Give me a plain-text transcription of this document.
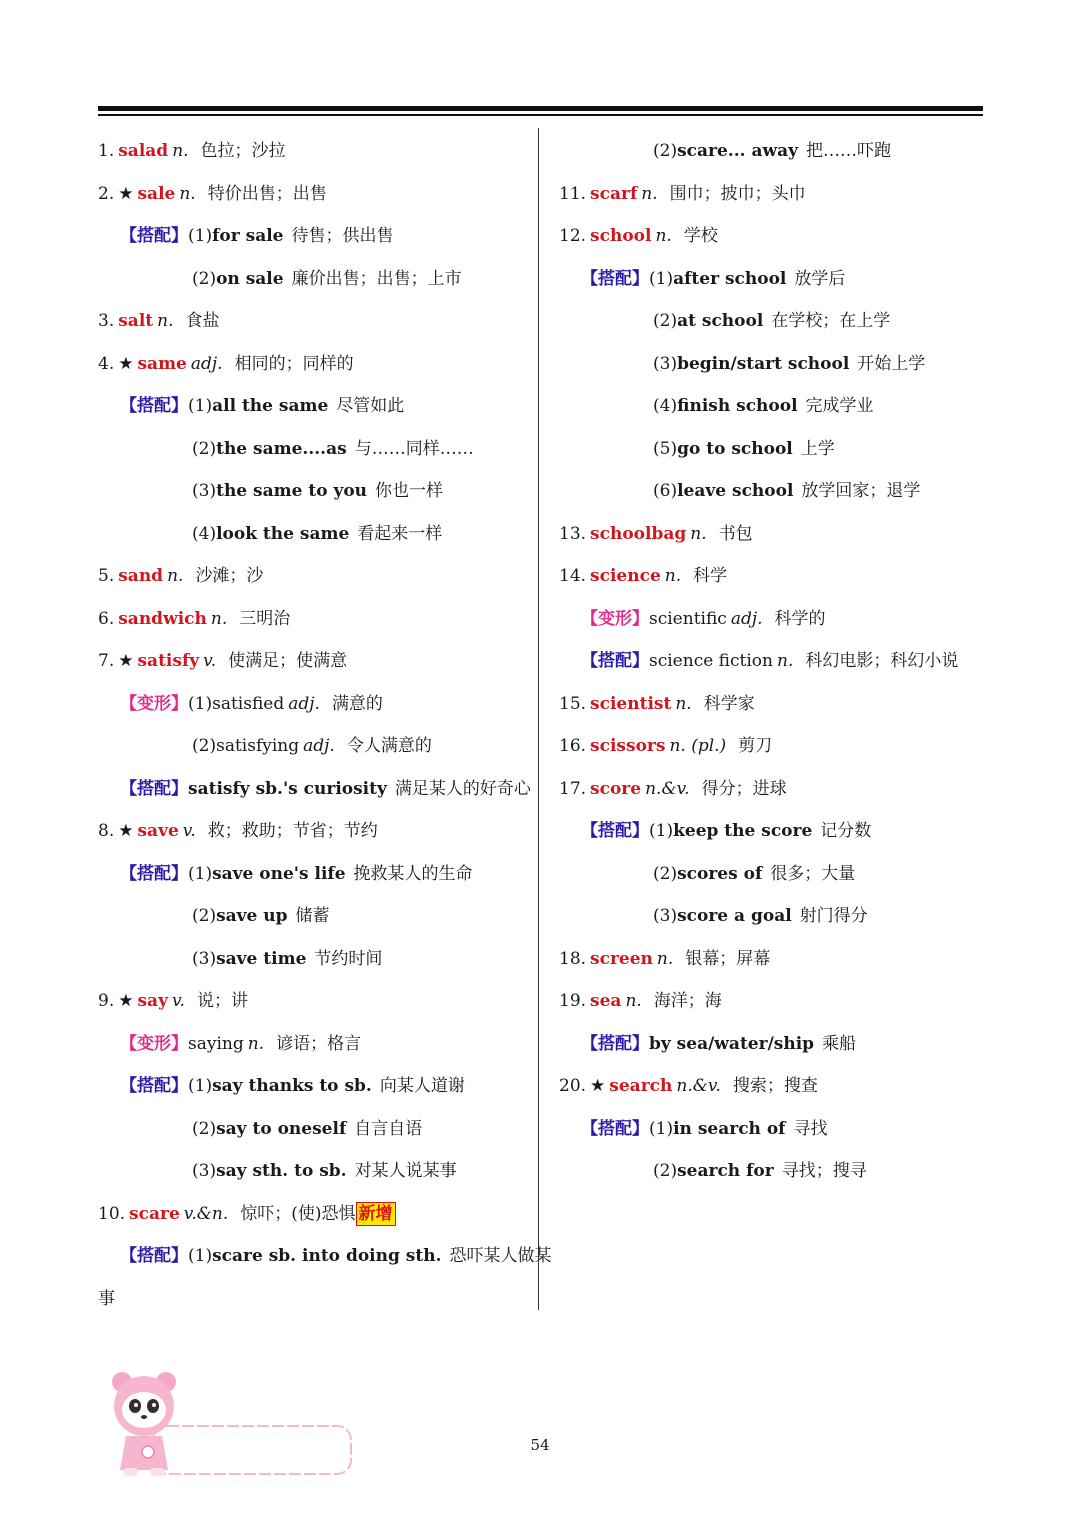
1. salad n. 色拉；沙拉
2. ★ sale n. 特价出售；出售
【搭配】(1)for sale 待售；供出售
(2)on sale 廉价出售；出售；上市
3. salt n. 食盐
4. ★ same adj. 相同的；同样的
【搭配】(1)all the same 尽管如此
(2)the same....as 与……同样……
(3)the same to you 你也一样
(4)look the same 看起来一样
5. sand n. 沙滩；沙
6. sandwich n. 三明治
7. ★ satisfy v. 使满足；使满意
【变形】(1)satisfied adj. 满意的
(2)satisfying adj. 令人满意的
【搭配】satisfy sb.'s curiosity 满足某人的好奇心
8. ★ save v. 救；救助；节省；节约
【搭配】(1)save one's life 挽救某人的生命
(2)save up 储蓄
(3)save time 节约时间
9. ★ say v. 说；讲
【变形】saying n. 谚语；格言
【搭配】(1)say thanks to sb. 向某人道谢
(2)say to oneself 自言自语
(3)say sth. to sb. 对某人说某事
10. scare v.&n. 惊吓；(使)恐惧 新增
【搭配】(1)scare sb. into doing sth. 恐吓某人做某
事
(2)scare... away 把……吓跑
11. scarf n. 围巾；披巾；头巾
12. school n. 学校
【搭配】(1)after school 放学后
(2)at school 在学校；在上学
(3)begin/start school 开始上学
(4)finish school 完成学业
(5)go to school 上学
(6)leave school 放学回家；退学
13. schoolbag n. 书包
14. science n. 科学
【变形】scientific adj. 科学的
【搭配】science fiction n. 科幻电影；科幻小说
15. scientist n. 科学家
16. scissors n. (pl.) 剪刀
17. score n.&v. 得分；进球
【搭配】(1)keep the score 记分数
(2)scores of 很多；大量
(3)score a goal 射门得分
18. screen n. 银幕；屏幕
19. sea n. 海洋；海
【搭配】by sea/water/ship 乘船
20. ★ search n.&v. 搜索；搜查
【搭配】(1)in search of 寻找
(2)search for 寻找；搜寻
54
